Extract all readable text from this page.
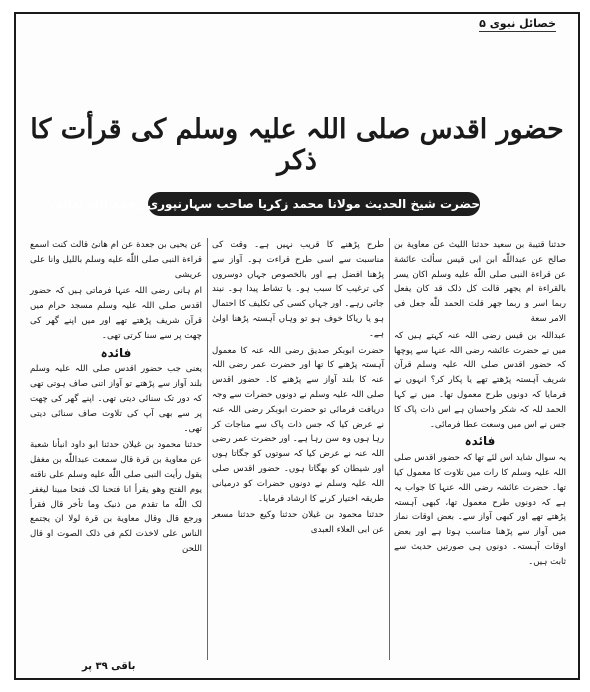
خصائل نبوی ۵
حضور اقدس صلی اللہ علیہ وسلم کی قرأت کا ذکر
حضرت شیخ الحدیث مولانا محمد زکریا صاحب سہارنپوری رحمۃ اللہ تعالیٰ

حدثنا قتیبة بن سعید حدثنا اللیث عن معاویة بن صالح عن عبداللّٰه ابن ابی قیس سألت عائشة عن قراءة النبی صلی اللّٰه علیه وسلم اکان یسر بالقراءة ام یجهر قالت کل ذلک قد کان یفعل ربما اسر و ربما جهر قلت الحمد للّٰه جعل فی الامر سعة

عبداللہ بن قیس رضی اللہ عنہ کہتے ہیں کہ میں نے حضرت عائشہ رضی اللہ عنہا سے پوچھا کہ حضور اقدس صلی اللہ علیہ وسلم قرآن شریف آہستہ پڑھتے تھے یا پکار کر؟ انہوں نے فرمایا کہ دونوں طرح معمول تھا۔ میں نے کہا الحمد للہ کہ شکر واحسان ہے اس ذات پاک کا جس نے اس میں وسعت عطا فرمائی۔

فائدہ

یہ سوال شاید اس لئے تھا کہ حضور اقدس صلی اللہ علیہ وسلم کا رات میں تلاوت کا معمول کیا تھا۔ حضرت عائشہ رضی اللہ عنہا کا جواب یہ ہے کہ دونوں طرح معمول تھا، کبھی آہستہ پڑھتے تھے اور کبھی آواز سے۔ بعض اوقات نماز میں آواز سے پڑھنا مناسب ہوتا ہے اور بعض اوقات آہستہ۔ دونوں ہی صورتیں حدیث سے ثابت ہیں۔

طرح پڑھنے کا قریب نہیں ہے۔ وقت کی مناسبت سے اسی طرح قراءت ہو۔ آواز سے پڑھنا افضل ہے اور بالخصوص جہاں دوسروں کی ترغیب کا سبب ہو۔ یا تشاط پیدا ہو۔ نیند جاتی رہے۔ اور جہاں کسی کی تکلیف کا احتمال ہو یا ریاکا خوف ہو تو وہاں آہستہ پڑھنا اولیٰ ہے۔

حضرت ابوبکر صدیق رضی اللہ عنہ کا معمول آہستہ پڑھنے کا تھا اور حضرت عمر رضی اللہ عنہ کا بلند آواز سے پڑھنے کا۔ حضور اقدس صلی اللہ علیہ وسلم نے دونوں حضرات سے وجہ دریافت فرمائی تو حضرت ابوبکر رضی اللہ عنہ نے عرض کیا کہ جس ذات پاک سے مناجات کر رہا ہوں وہ سن رہا ہے۔ اور حضرت عمر رضی اللہ عنہ نے عرض کیا کہ سوتوں کو جگاتا ہوں اور شیطان کو بھگاتا ہوں۔ حضور اقدس صلی اللہ علیہ وسلم نے دونوں حضرات کو درمیانی طریقہ اختیار کرنے کا ارشاد فرمایا۔

حدثنا محمود بن غیلان حدثنا وکیع حدثنا مسعر عن ابی العلاء العبدی

عن یحیی بن جعدة عن ام هانئ قالت کنت اسمع قراءة النبی صلی اللّٰه علیه وسلم باللیل وانا علی عریشی

ام ہانی رضی اللہ عنہا فرماتی ہیں کہ حضور اقدس صلی اللہ علیہ وسلم مسجد حرام میں قرآن شریف پڑھتے تھے اور میں اپنے گھر کی چھت پر سے سنا کرتی تھی۔

فائدہ

یعنی جب حضور اقدس صلی اللہ علیہ وسلم بلند آواز سے پڑھتے تو آواز اتنی صاف ہوتی تھی کہ دور تک سنائی دیتی تھی۔ اپنے گھر کی چھت پر سے بھی آپ کی تلاوت صاف سنائی دیتی تھی۔

حدثنا محمود بن غیلان حدثنا ابو داود انبأنا شعبة عن معاویة بن قرة قال سمعت عبداللّٰه بن مغفل یقول رأیت النبی صلی اللّٰه علیه وسلم علی ناقته یوم الفتح وهو یقرأ انا فتحنا لک فتحا مبینا لیغفر لک اللّٰه ما تقدم من ذنبک وما تأخر قال فقرأ ورجع قال وقال معاویة بن قرة لولا ان یجتمع الناس علی لاخذت لکم فی ذلک الصوت او قال اللحن

باقی ۳۹ پر
